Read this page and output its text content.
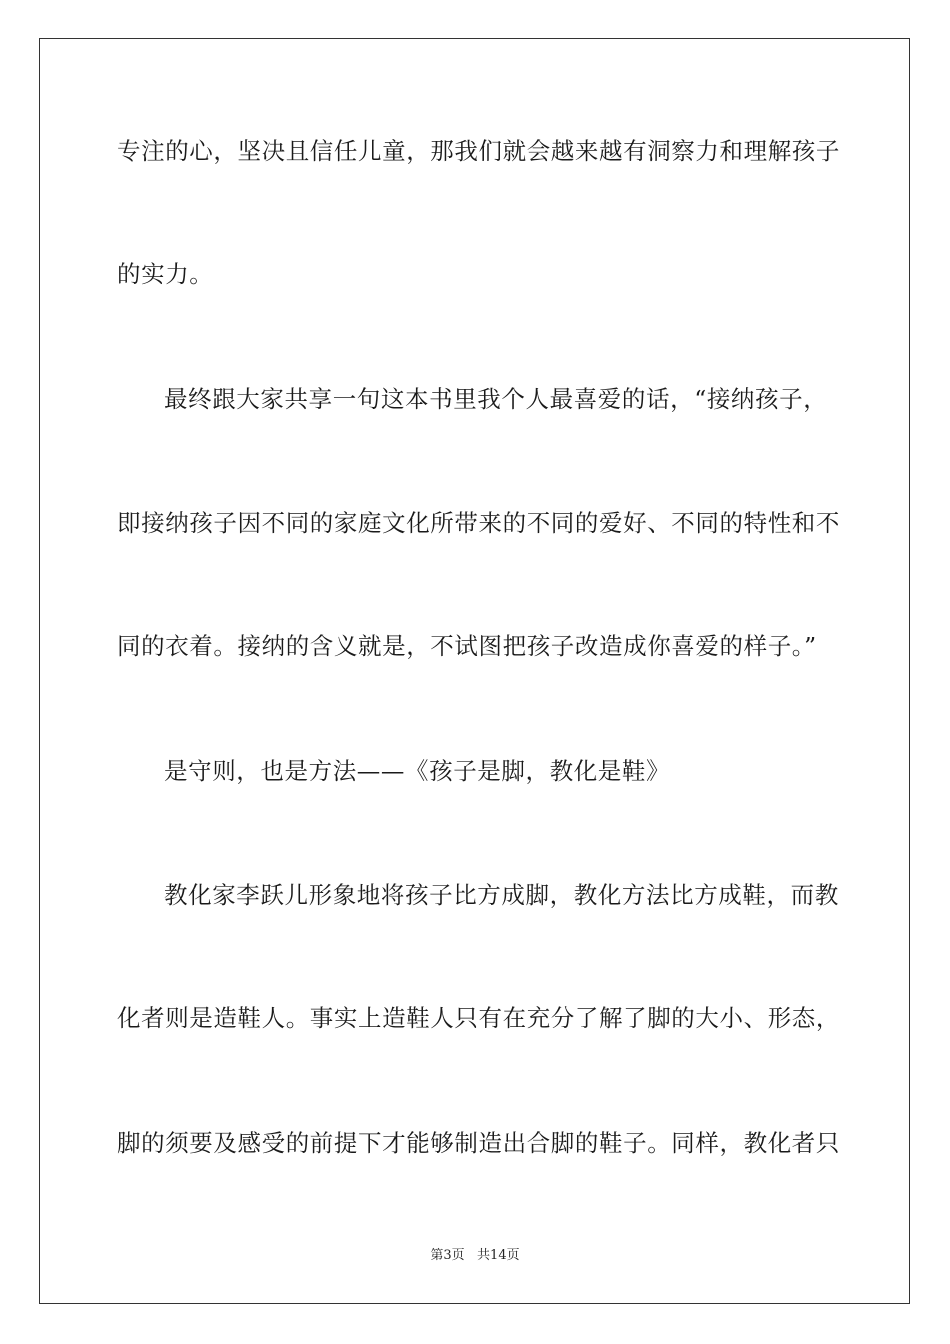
专注的心，坚决且信任儿童，那我们就会越来越有洞察力和理解孩子
的实力。
最终跟大家共享一句这本书里我个人最喜爱的话，“接纳孩子，
即接纳孩子因不同的家庭文化所带来的不同的爱好、不同的特性和不
同的衣着。接纳的含义就是，不试图把孩子改造成你喜爱的样子。”
是守则，也是方法——《孩子是脚，教化是鞋》
教化家李跃儿形象地将孩子比方成脚，教化方法比方成鞋，而教
化者则是造鞋人。事实上造鞋人只有在充分了解了脚的大小、形态，
脚的须要及感受的前提下才能够制造出合脚的鞋子。同样，教化者只
第3页   共14页
